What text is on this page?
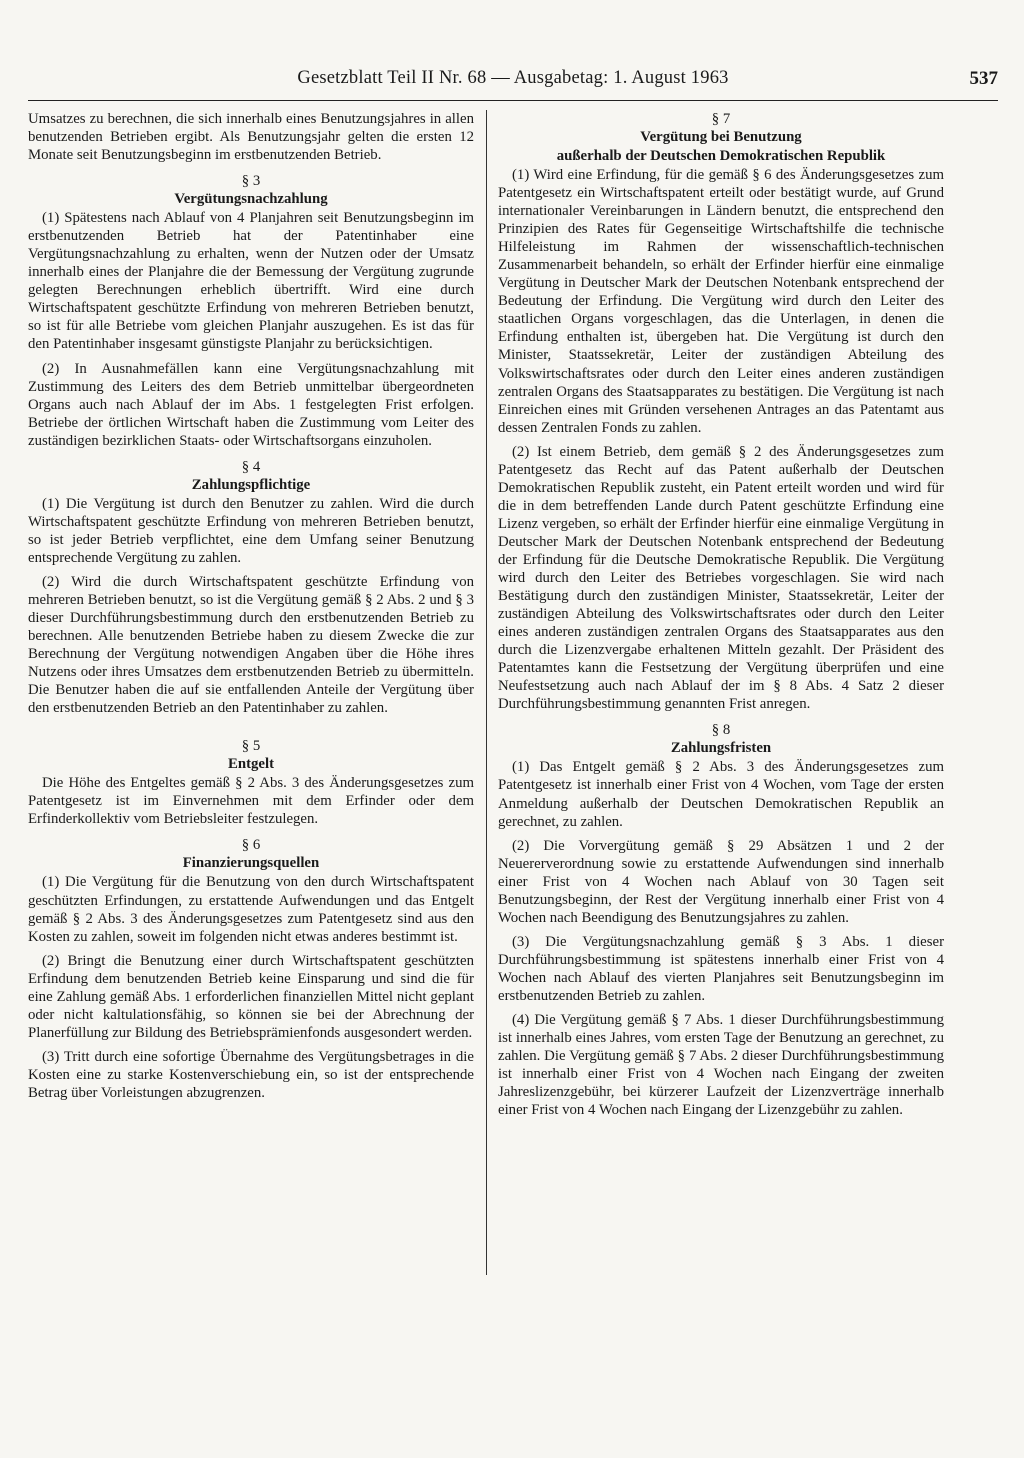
Gesetzblatt Teil II Nr. 68 — Ausgabetag: 1. August 1963	537

Umsatzes zu berechnen, die sich innerhalb eines Benutzungsjahres in allen benutzenden Betrieben ergibt. Als Benutzungsjahr gelten die ersten 12 Monate seit Benutzungsbeginn im erstbenutzenden Betrieb.

§ 3
Vergütungsnachzahlung

(1) Spätestens nach Ablauf von 4 Planjahren seit Benutzungsbeginn im erstbenutzenden Betrieb hat der Patentinhaber eine Vergütungsnachzahlung zu erhalten, wenn der Nutzen oder der Umsatz innerhalb eines der Planjahre die der Bemessung der Vergütung zugrunde gelegten Berechnungen erheblich übertrifft. Wird eine durch Wirtschaftspatent geschützte Erfindung von mehreren Betrieben benutzt, so ist für alle Betriebe vom gleichen Planjahr auszugehen. Es ist das für den Patentinhaber insgesamt günstigste Planjahr zu berücksichtigen.

(2) In Ausnahmefällen kann eine Vergütungsnachzahlung mit Zustimmung des Leiters des dem Betrieb unmittelbar übergeordneten Organs auch nach Ablauf der im Abs. 1 festgelegten Frist erfolgen. Betriebe der örtlichen Wirtschaft haben die Zustimmung vom Leiter des zuständigen bezirklichen Staats- oder Wirtschaftsorgans einzuholen.

§ 4
Zahlungspflichtige

(1) Die Vergütung ist durch den Benutzer zu zahlen. Wird die durch Wirtschaftspatent geschützte Erfindung von mehreren Betrieben benutzt, so ist jeder Betrieb verpflichtet, eine dem Umfang seiner Benutzung entsprechende Vergütung zu zahlen.

(2) Wird die durch Wirtschaftspatent geschützte Erfindung von mehreren Betrieben benutzt, so ist die Vergütung gemäß § 2 Abs. 2 und § 3 dieser Durchführungsbestimmung durch den erstbenutzenden Betrieb zu berechnen. Alle benutzenden Betriebe haben zu diesem Zwecke die zur Berechnung der Vergütung notwendigen Angaben über die Höhe ihres Nutzens oder ihres Umsatzes dem erstbenutzenden Betrieb zu übermitteln. Die Benutzer haben die auf sie entfallenden Anteile der Vergütung über den erstbenutzenden Betrieb an den Patentinhaber zu zahlen.

§ 5
Entgelt

Die Höhe des Entgeltes gemäß § 2 Abs. 3 des Änderungsgesetzes zum Patentgesetz ist im Einvernehmen mit dem Erfinder oder dem Erfinderkollektiv vom Betriebsleiter festzulegen.

§ 6
Finanzierungsquellen

(1) Die Vergütung für die Benutzung von den durch Wirtschaftspatent geschützten Erfindungen, zu erstattende Aufwendungen und das Entgelt gemäß § 2 Abs. 3 des Änderungsgesetzes zum Patentgesetz sind aus den Kosten zu zahlen, soweit im folgenden nicht etwas anderes bestimmt ist.

(2) Bringt die Benutzung einer durch Wirtschaftspatent geschützten Erfindung dem benutzenden Betrieb keine Einsparung und sind die für eine Zahlung gemäß Abs. 1 erforderlichen finanziellen Mittel nicht geplant oder nicht kaltulationsfähig, so können sie bei der Abrechnung der Planerfüllung zur Bildung des Betriebsprämienfonds ausgesondert werden.

(3) Tritt durch eine sofortige Übernahme des Vergütungsbetrages in die Kosten eine zu starke Kostenverschiebung ein, so ist der entsprechende Betrag über Vorleistungen abzugrenzen.

§ 7
Vergütung bei Benutzung
außerhalb der Deutschen Demokratischen Republik

(1) Wird eine Erfindung, für die gemäß § 6 des Änderungsgesetzes zum Patentgesetz ein Wirtschaftspatent erteilt oder bestätigt wurde, auf Grund internationaler Vereinbarungen in Ländern benutzt, die entsprechend den Prinzipien des Rates für Gegenseitige Wirtschaftshilfe die technische Hilfeleistung im Rahmen der wissenschaftlich-technischen Zusammenarbeit behandeln, so erhält der Erfinder hierfür eine einmalige Vergütung in Deutscher Mark der Deutschen Notenbank entsprechend der Bedeutung der Erfindung. Die Vergütung wird durch den Leiter des staatlichen Organs vorgeschlagen, das die Unterlagen, in denen die Erfindung enthalten ist, übergeben hat. Die Vergütung ist durch den Minister, Staatssekretär, Leiter der zuständigen Abteilung des Volkswirtschaftsrates oder durch den Leiter eines anderen zuständigen zentralen Organs des Staatsapparates zu bestätigen. Die Vergütung ist nach Einreichen eines mit Gründen versehenen Antrages an das Patentamt aus dessen Zentralen Fonds zu zahlen.

(2) Ist einem Betrieb, dem gemäß § 2 des Änderungsgesetzes zum Patentgesetz das Recht auf das Patent außerhalb der Deutschen Demokratischen Republik zusteht, ein Patent erteilt worden und wird für die in dem betreffenden Lande durch Patent geschützte Erfindung eine Lizenz vergeben, so erhält der Erfinder hierfür eine einmalige Vergütung in Deutscher Mark der Deutschen Notenbank entsprechend der Bedeutung der Erfindung für die Deutsche Demokratische Republik. Die Vergütung wird durch den Leiter des Betriebes vorgeschlagen. Sie wird nach Bestätigung durch den zuständigen Minister, Staatssekretär, Leiter der zuständigen Abteilung des Volkswirtschaftsrates oder durch den Leiter eines anderen zuständigen zentralen Organs des Staatsapparates aus den durch die Lizenzvergabe erhaltenen Mitteln gezahlt. Der Präsident des Patentamtes kann die Festsetzung der Vergütung überprüfen und eine Neufestsetzung auch nach Ablauf der im § 8 Abs. 4 Satz 2 dieser Durchführungsbestimmung genannten Frist anregen.

§ 8
Zahlungsfristen

(1) Das Entgelt gemäß § 2 Abs. 3 des Änderungsgesetzes zum Patentgesetz ist innerhalb einer Frist von 4 Wochen, vom Tage der ersten Anmeldung außerhalb der Deutschen Demokratischen Republik an gerechnet, zu zahlen.

(2) Die Vorvergütung gemäß § 29 Absätzen 1 und 2 der Neuererverordnung sowie zu erstattende Aufwendungen sind innerhalb einer Frist von 4 Wochen nach Ablauf von 30 Tagen seit Benutzungsbeginn, der Rest der Vergütung innerhalb einer Frist von 4 Wochen nach Beendigung des Benutzungsjahres zu zahlen.

(3) Die Vergütungsnachzahlung gemäß § 3 Abs. 1 dieser Durchführungsbestimmung ist spätestens innerhalb einer Frist von 4 Wochen nach Ablauf des vierten Planjahres seit Benutzungsbeginn im erstbenutzenden Betrieb zu zahlen.

(4) Die Vergütung gemäß § 7 Abs. 1 dieser Durchführungsbestimmung ist innerhalb eines Jahres, vom ersten Tage der Benutzung an gerechnet, zu zahlen. Die Vergütung gemäß § 7 Abs. 2 dieser Durchführungsbestimmung ist innerhalb einer Frist von 4 Wochen nach Eingang der zweiten Jahreslizenzgebühr, bei kürzerer Laufzeit der Lizenzverträge innerhalb einer Frist von 4 Wochen nach Eingang der Lizenzgebühr zu zahlen.
